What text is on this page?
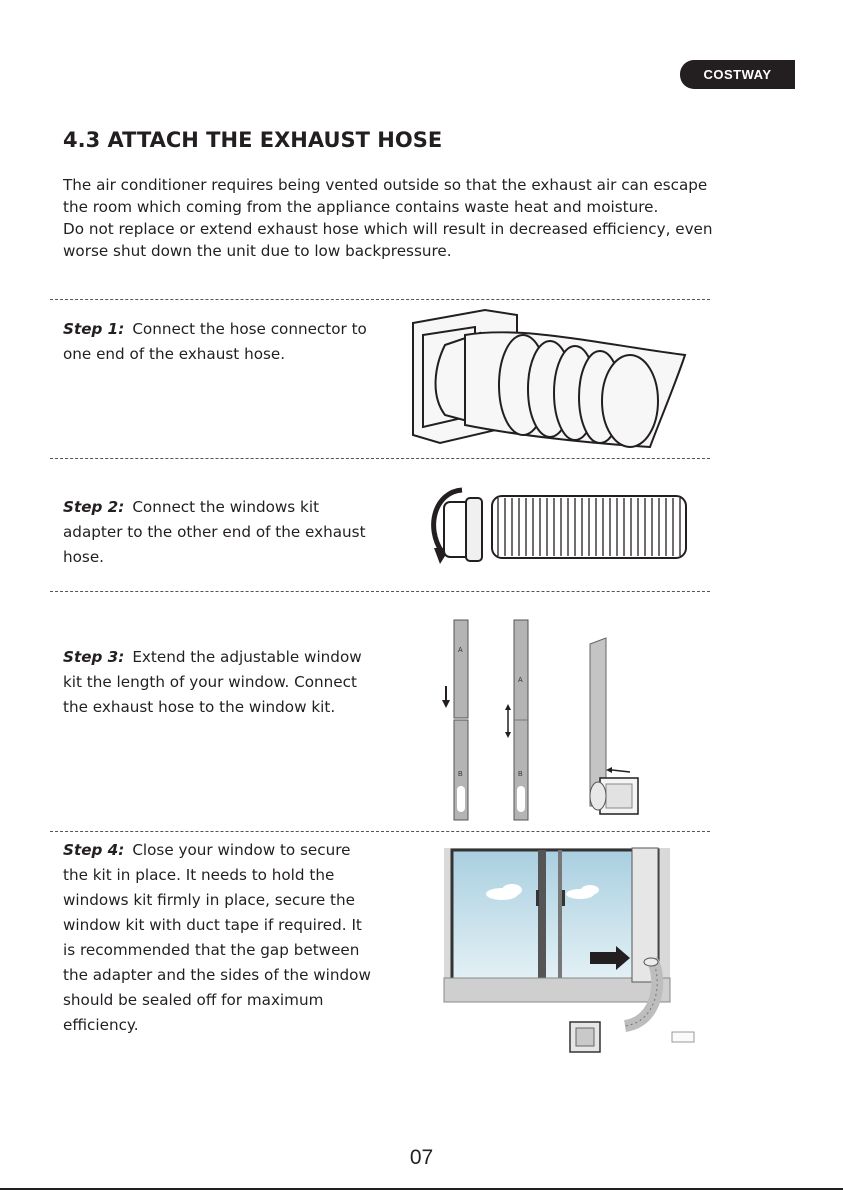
COSTWAY
4.3 ATTACH THE EXHAUST HOSE

The air conditioner requires being vented outside so that the exhaust air can escape the room which coming from the appliance contains waste heat and moisture.

Do not replace or extend exhaust hose which will result in decreased efficiency, even worse shut down the unit due to low backpressure.

Step 1: Connect the hose connector to one end of the exhaust hose.
Step 2: Connect the windows kit adapter to the other end of the exhaust hose.
Step 3: Extend the adjustable window kit the length of your window. Connect the exhaust hose to the window kit.
A
B
A
B
Step 4: Close your window to secure the kit in place. It needs to hold the windows kit firmly in place, secure the window kit with duct tape if required. It is recommended that the gap between the adapter and the sides of the window should be sealed off for maximum efficiency.
07
